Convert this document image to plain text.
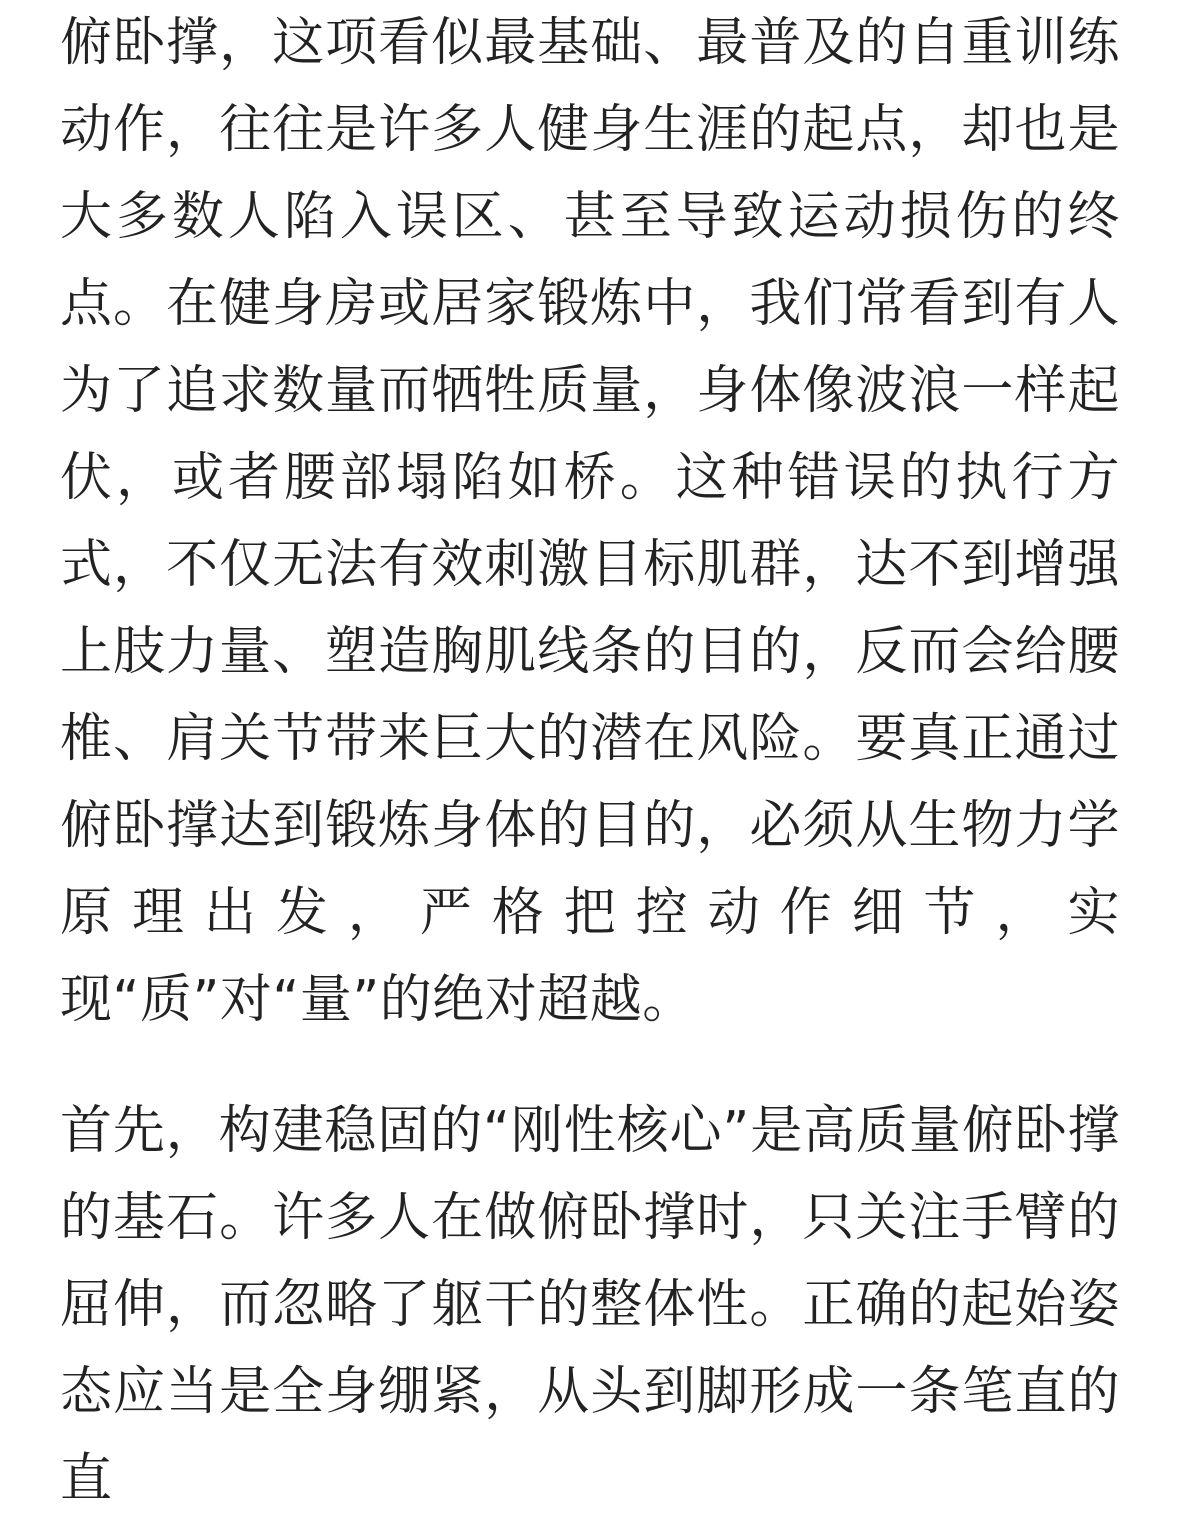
俯卧撑，这项看似最基础、最普及的自重训练动作，往往是许多人健身生涯的起点，却也是大多数人陷入误区、甚至导致运动损伤的终点。在健身房或居家锻炼中，我们常看到有人为了追求数量而牺牲质量，身体像波浪一样起伏，或者腰部塌陷如桥。这种错误的执行方式，不仅无法有效刺激目标肌群，达不到增强上肢力量、塑造胸肌线条的目的，反而会给腰椎、肩关节带来巨大的潜在风险。要真正通过俯卧撑达到锻炼身体的目的，必须从生物力学原理出发，严格把控动作细节，实现“质”对“量”的绝对超越。

首先，构建稳固的“刚性核心”是高质量俯卧撑的基石。许多人在做俯卧撑时，只关注手臂的屈伸，而忽略了躯干的整体性。正确的起始姿态应当是全身绷紧，从头到脚形成一条笔直的直
